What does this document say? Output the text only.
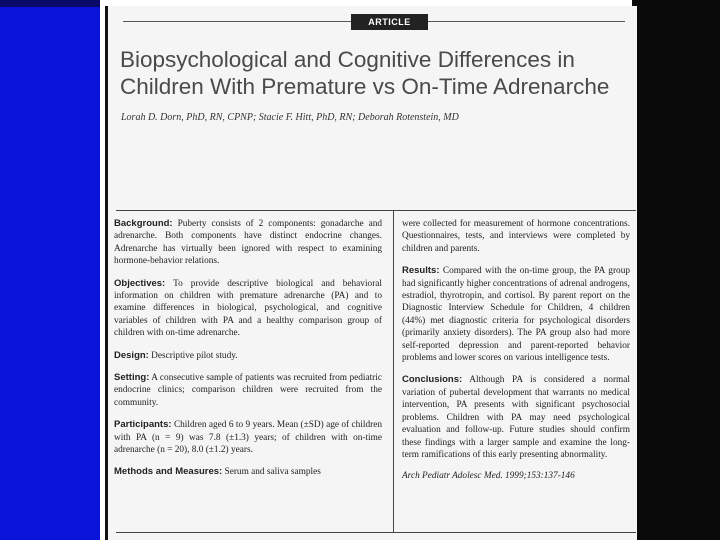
ARTICLE
Biopsychological and Cognitive Differences in
Children With Premature vs On-Time Adrenarche
Lorah D. Dorn, PhD, RN, CPNP; Stacie F. Hitt, PhD, RN; Deborah Rotenstein, MD

Background: Puberty consists of 2 components: gonadarche and adrenarche. Both components have distinct endocrine changes. Adrenarche has virtually been ignored with respect to examining hormone-behavior relations.

Objectives: To provide descriptive biological and behavioral information on children with premature adrenarche (PA) and to examine differences in biological, psychological, and cognitive variables of children with PA and a healthy comparison group of children with on-time adrenarche.

Design: Descriptive pilot study.

Setting: A consecutive sample of patients was recruited from pediatric endocrine clinics; comparison children were recruited from the community.

Participants: Children aged 6 to 9 years. Mean (±SD) age of children with PA (n = 9) was 7.8 (±1.3) years; of children with on-time adrenarche (n = 20), 8.0 (±1.2) years.

Methods and Measures: Serum and saliva samples

were collected for measurement of hormone concentrations. Questionnaires, tests, and interviews were completed by children and parents.

Results: Compared with the on-time group, the PA group had significantly higher concentrations of adrenal androgens, estradiol, thyrotropin, and cortisol. By parent report on the Diagnostic Interview Schedule for Children, 4 children (44%) met diagnostic criteria for psychological disorders (primarily anxiety disorders). The PA group also had more self-reported depression and parent-reported behavior problems and lower scores on various intelligence tests.

Conclusions: Although PA is considered a normal variation of pubertal development that warrants no medical intervention, PA presents with significant psychosocial problems. Children with PA may need psychological evaluation and follow-up. Future studies should confirm these findings with a larger sample and examine the long-term ramifications of this early presenting abnormality.

Arch Pediatr Adolesc Med. 1999;153:137-146
